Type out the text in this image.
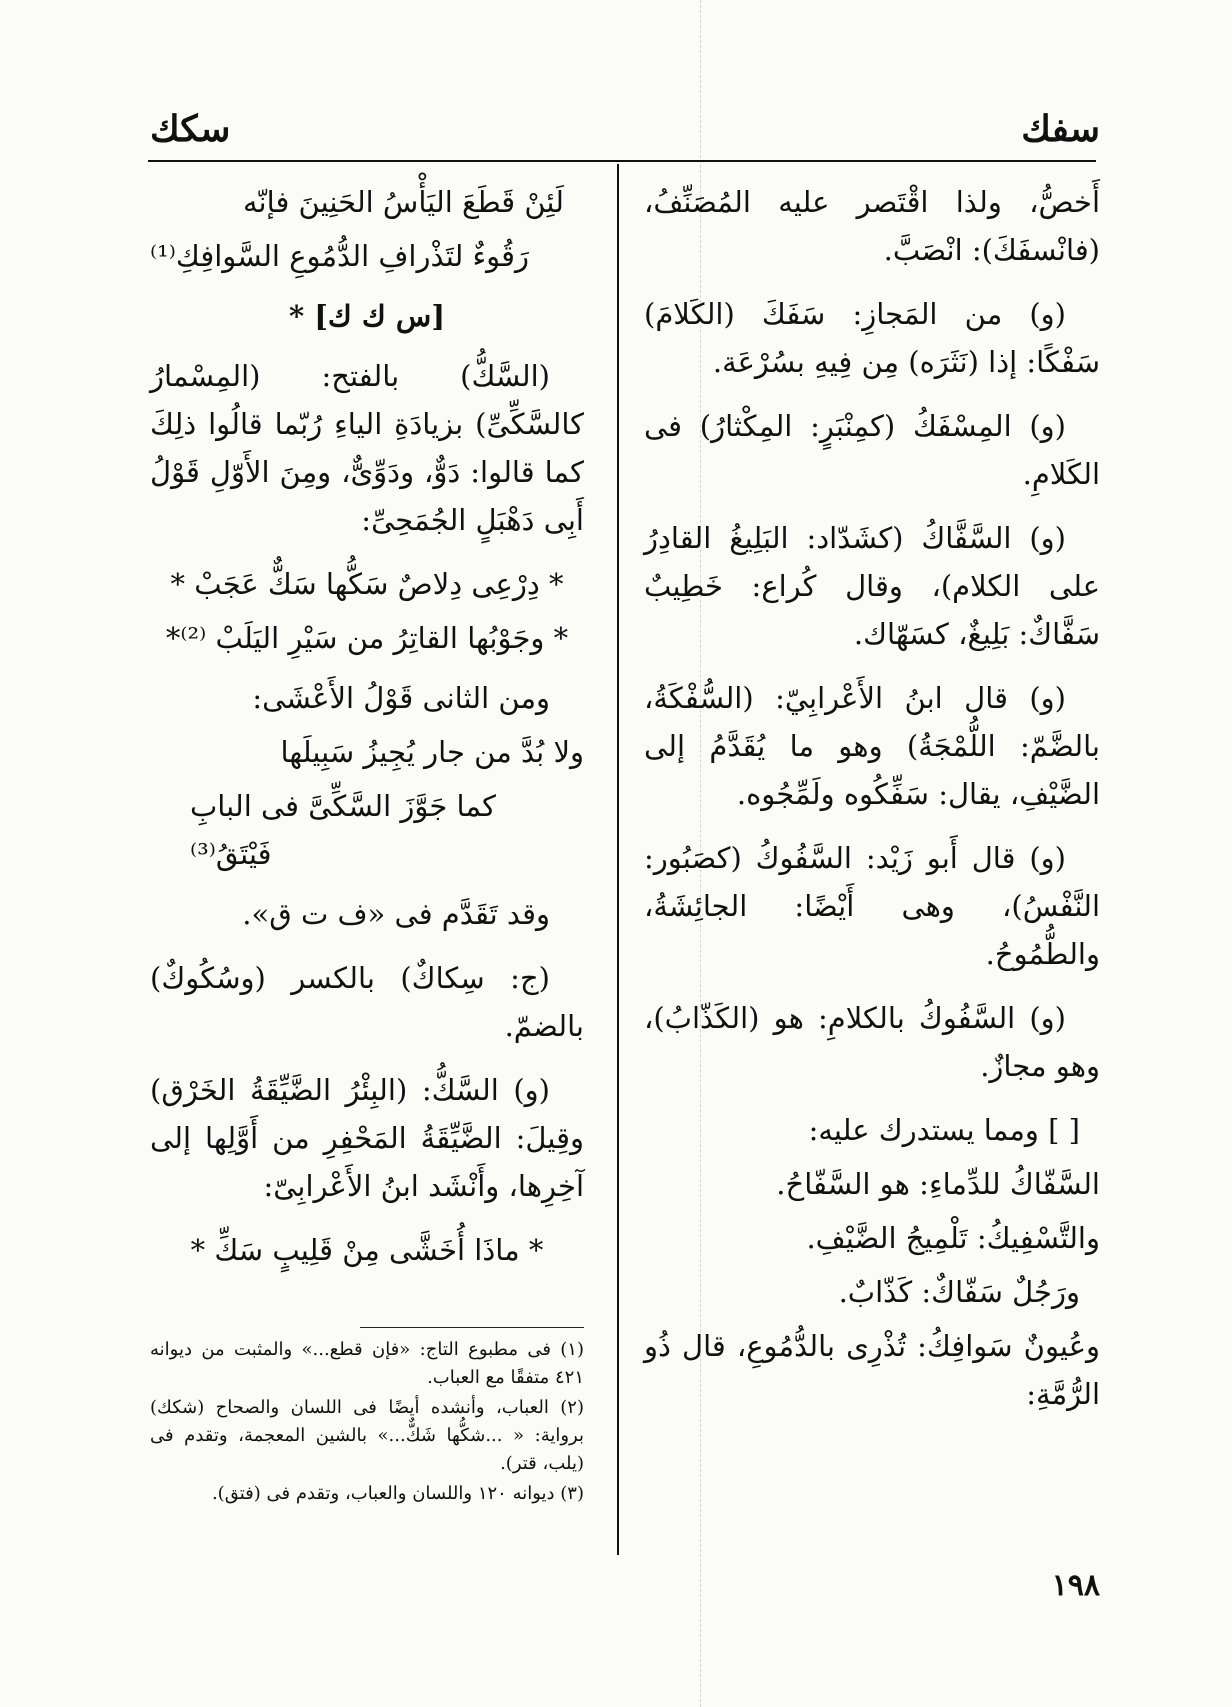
سفك
سكك

أَخصُّ، ولذا اقْتَصر عليه المُصَنِّفُ، (فانْسفَكَ): انْصَبَّ.

(و) من المَجازِ: سَفَكَ (الكَلامَ) سَفْكًا: إذا (نَثَرَه) مِن فِيهِ بسُرْعَة.

(و) المِسْفَكُ (كمِنْبَرٍ: المِكْثارُ) فى الكَلامِ.

(و) السَّفَّاكُ (كشَدّاد: البَلِيغُ القادِرُ على الكلام)، وقال كُراع: خَطِيبٌ سَفَّاكٌ: بَلِيغٌ، كسَهّاك.

(و) قال ابنُ الأَعْرابِيّ: (السُّفْكَةُ، بالضَّمّ: اللُّمْجَةُ) وهو ما يُقَدَّمُ إلى الضَّيْفِ، يقال: سَفِّكُوه ولَمِّجُوه.

(و) قال أَبو زَيْد: السَّفُوكُ (كصَبُور: النَّفْسُ)، وهى أَيْضًا: الجائِشَةُ، والطُّمُوحُ.

(و) السَّفُوكُ بالكلامِ: هو (الكَذّابُ)، وهو مجازٌ.

[ ] ومما يستدرك عليه:

السَّفّاكُ للدِّماءِ: هو السَّفّاحُ.

والتَّسْفِيكُ: تَلْمِيجُ الضَّيْفِ.

ورَجُلٌ سَفّاكٌ: كَذّابٌ.

وعُيونٌ سَوافِكُ: تُذْرِى بالدُّمُوعِ، قال ذُو الرُّمَّةِ:

لَئِنْ قَطَعَ اليَأْسُ الحَنِينَ فإنّه

رَقُوءٌ لتَذْرافِ الدُّمُوعِ السَّوافِكِ⁽¹⁾

[س ك ك] *

(السَّكُّ) بالفتح: (المِسْمارُ كالسَّكِّىِّ) بزيادَةِ الياءِ رُبّما قالُوا ذلِكَ كما قالوا: دَوٌّ، ودَوِّىٌّ، ومِنَ الأَوّلِ قَوْلُ أَبِى دَهْبَلٍ الجُمَحِىِّ:

* دِرْعِى دِلاصٌ سَكُّها سَكٌّ عَجَبْ *

* وجَوْبُها القاتِرُ من سَيْرِ اليَلَبْ ⁽²⁾*

ومن الثانى قَوْلُ الأَعْشَى:

ولا بُدَّ من جار يُجِيزُ سَبِيلَها

كما جَوَّزَ السَّكِّىَّ فى البابِ فَيْتَقُ⁽³⁾

وقد تَقَدَّم فى «ف ت ق».

(ج: سِكاكٌ) بالكسر (وسُكُوكٌ) بالضمّ.

(و) السَّكُّ: (البِئْرُ الضَّيِّقَةُ الخَرْق) وقِيلَ: الضَّيِّقَةُ المَحْفِرِ من أَوَّلِها إلى آخِرِها، وأَنْشَد ابنُ الأَعْرابِىّ:

* ماذَا أُخَشَّى مِنْ قَلِيبٍ سَكِّ *

(١) فى مطبوع التاج: «فإن قطع...» والمثبت من ديوانه ٤٢١ متفقًا مع العباب.

(٢) العباب، وأنشده أيضًا فى اللسان والصحاح (شكك) برواية: « ...شكُّها شَكٌّ...» بالشين المعجمة، وتقدم فى (يلب، قتر).

(٣) ديوانه ١٢٠ واللسان والعباب، وتقدم فى (فتق).

١٩٨
